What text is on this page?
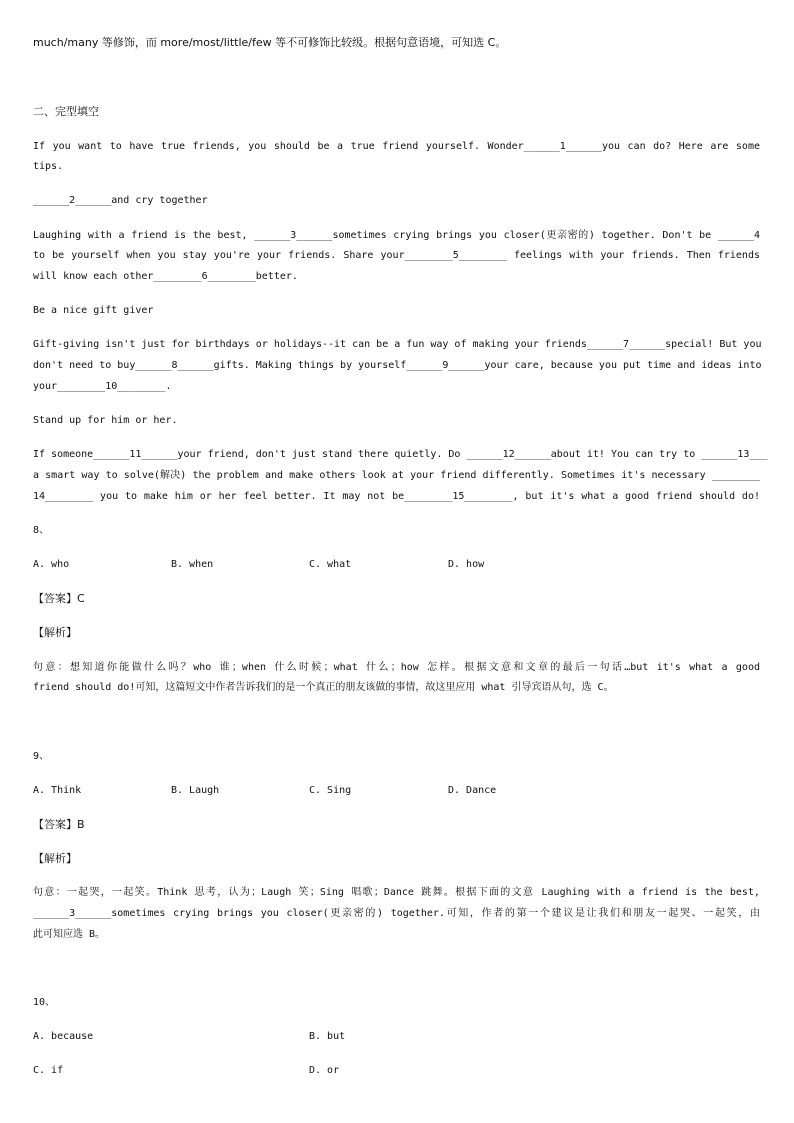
much/many 等修饰，而 more/most/little/few 等不可修饰比较级。根据句意语境，可知选 C。
二、完型填空
If you want to have true friends, you should be a true friend yourself. Wonder______1______you can do? Here are some
tips.
______2______and cry together
Laughing with a friend is the best, ______3______sometimes crying brings you closer(更亲密的) together. Don't be ______4
to be yourself when you stay you're your friends. Share your________5________ feelings with your friends. Then friends
will know each other________6________better.
Be a nice gift giver
Gift-giving isn't just for birthdays or holidays--it can be a fun way of making your friends______7______special! But you
don't need to buy______8______gifts. Making things by yourself______9______your care, because you put time and ideas into
your________10________.
Stand up for him or her.
If someone______11______your friend, don't just stand there quietly. Do ______12______about it! You can try to ______13___
a smart way to solve(解决) the problem and make others look at your friend differently. Sometimes it's necessary ________
14________ you to make him or her feel better. It may not be________15________, but it's what a good friend should do!
8、
A. who	B. when	C. what	D. how
【答案】C
【解析】
句意：想知道你能做什么吗？who 谁；when 什么时候；what 什么；how 怎样。根据文意和文章的最后一句话…but it's what a good
friend should do!可知，这篇短文中作者告诉我们的是一个真正的朋友该做的事情，故这里应用 what 引导宾语从句，选 C。
9、
A. Think	B. Laugh	C. Sing	D. Dance
【答案】B
【解析】
句意：一起哭，一起笑。Think 思考，认为；Laugh 笑；Sing 唱歌；Dance 跳舞。根据下面的文意 Laughing with a friend is the best,
______3______sometimes crying brings you closer(更亲密的) together.可知，作者的第一个建议是让我们和朋友一起哭、一起笑，由
此可知应选 B。
10、
A. because	B. but
C. if	D. or
